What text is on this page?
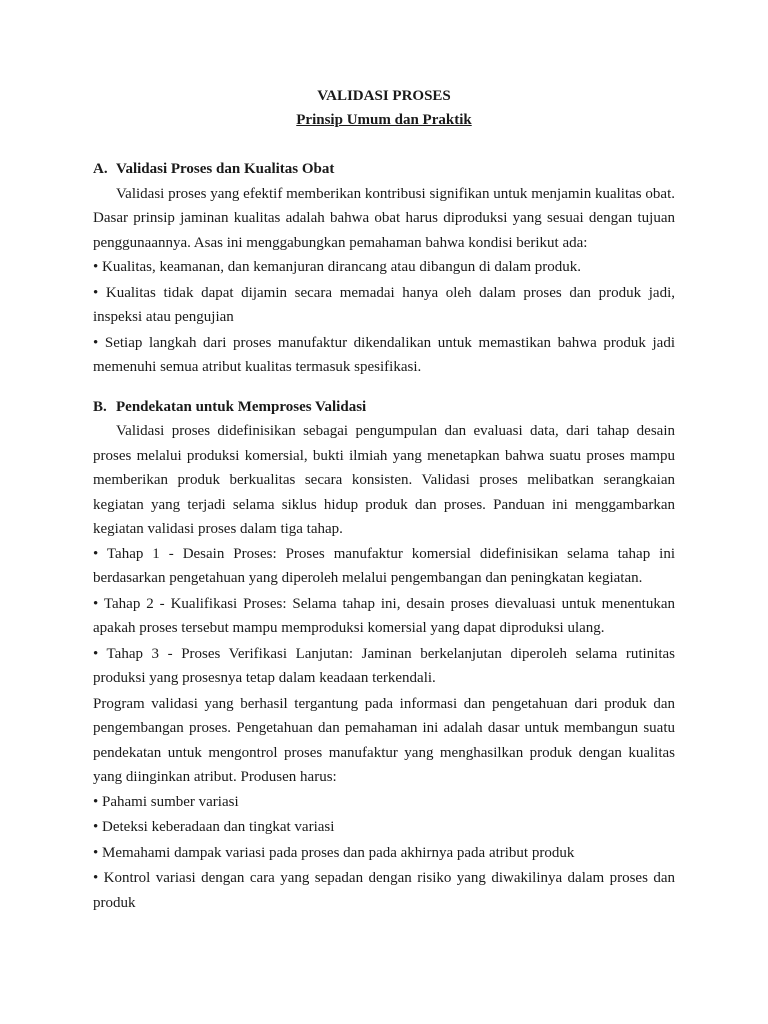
VALIDASI PROSES
Prinsip Umum dan Praktik
A. Validasi Proses dan Kualitas Obat

Validasi proses yang efektif memberikan kontribusi signifikan untuk menjamin kualitas obat. Dasar prinsip jaminan kualitas adalah bahwa obat harus diproduksi yang sesuai dengan tujuan penggunaannya. Asas ini menggabungkan pemahaman bahwa kondisi berikut ada:

• Kualitas, keamanan, dan kemanjuran dirancang atau dibangun di dalam produk.

• Kualitas tidak dapat dijamin secara memadai hanya oleh dalam proses dan produk jadi, inspeksi atau pengujian

• Setiap langkah dari proses manufaktur dikendalikan untuk memastikan bahwa produk jadi memenuhi semua atribut kualitas termasuk spesifikasi.

B. Pendekatan untuk Memproses Validasi

Validasi proses didefinisikan sebagai pengumpulan dan evaluasi data, dari tahap desain proses melalui produksi komersial, bukti ilmiah yang menetapkan bahwa suatu proses mampu memberikan produk berkualitas secara konsisten. Validasi proses melibatkan serangkaian kegiatan yang terjadi selama siklus hidup produk dan proses. Panduan ini menggambarkan kegiatan validasi proses dalam tiga tahap.

• Tahap 1 - Desain Proses: Proses manufaktur komersial didefinisikan selama tahap ini berdasarkan pengetahuan yang diperoleh melalui pengembangan dan peningkatan kegiatan.

• Tahap 2 - Kualifikasi Proses: Selama tahap ini, desain proses dievaluasi untuk menentukan apakah proses tersebut mampu memproduksi komersial yang dapat diproduksi ulang.

• Tahap 3 - Proses Verifikasi Lanjutan: Jaminan berkelanjutan diperoleh selama rutinitas produksi yang prosesnya tetap dalam keadaan terkendali.

Program validasi yang berhasil tergantung pada informasi dan pengetahuan dari produk dan pengembangan proses. Pengetahuan dan pemahaman ini adalah dasar untuk membangun suatu pendekatan untuk mengontrol proses manufaktur yang menghasilkan produk dengan kualitas yang diinginkan atribut. Produsen harus:

• Pahami sumber variasi

• Deteksi keberadaan dan tingkat variasi

• Memahami dampak variasi pada proses dan pada akhirnya pada atribut produk

• Kontrol variasi dengan cara yang sepadan dengan risiko yang diwakilinya dalam proses dan produk
